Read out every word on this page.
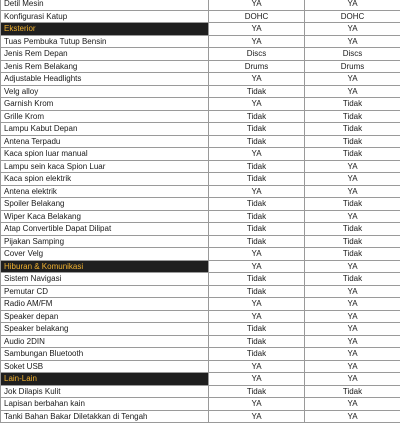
Detil Mesin	YA	YA
Konfigurasi Katup	DOHC	DOHC
Eksterior	YA	YA
Tuas Pembuka Tutup Bensin	YA	YA
Jenis Rem Depan	Discs	Discs
Jenis Rem Belakang	Drums	Drums
Adjustable Headlights	YA	YA
Velg alloy	Tidak	YA
Garnish Krom	YA	Tidak
Grille Krom	Tidak	Tidak
Lampu Kabut Depan	Tidak	Tidak
Antena Terpadu	Tidak	Tidak
Kaca spion luar manual	YA	Tidak
Lampu sein kaca Spion Luar	Tidak	YA
Kaca spion elektrik	Tidak	YA
Antena elektrik	YA	YA
Spoiler Belakang	Tidak	Tidak
Wiper Kaca Belakang	Tidak	YA
Atap Convertible Dapat Dilipat	Tidak	Tidak
Pijakan Samping	Tidak	Tidak
Cover Velg	YA	Tidak
Hiburan & Komunikasi	YA	YA
Sistem Navigasi	Tidak	Tidak
Pemutar CD	Tidak	YA
Radio AM/FM	YA	YA
Speaker depan	YA	YA
Speaker belakang	Tidak	YA
Audio 2DIN	Tidak	YA
Sambungan Bluetooth	Tidak	YA
Soket USB	YA	YA
Lain-Lain	YA	YA
Jok Dilapis Kulit	Tidak	Tidak
Lapisan berbahan kain	YA	YA
Tanki Bahan Bakar Diletakkan di Tengah	YA	YA
